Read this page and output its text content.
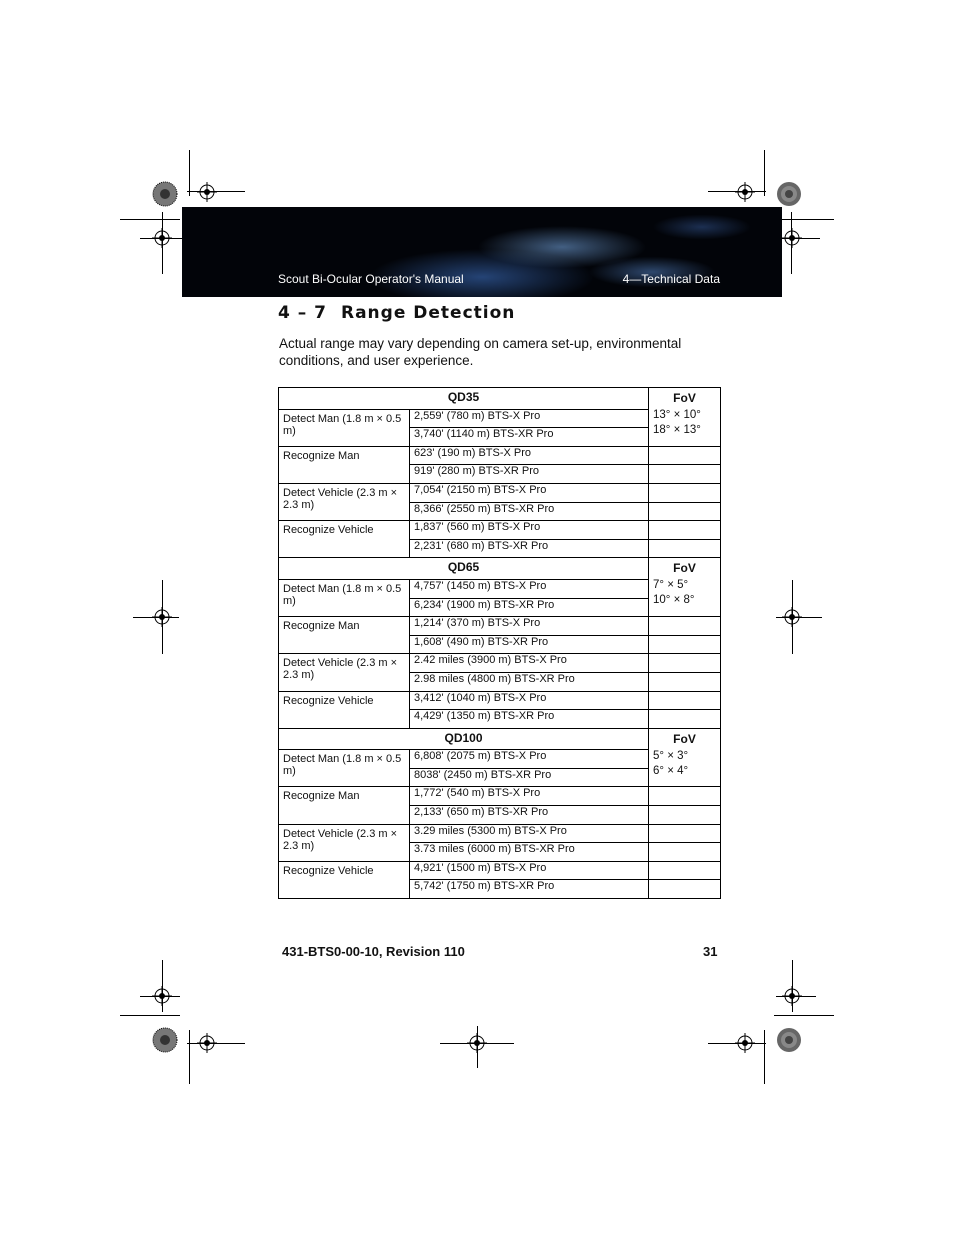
Scout Bi-Ocular Operator's Manual	4—Technical Data
4 – 7 Range Detection

Actual range may vary depending on camera set-up, environmental conditions, and user experience.

QD35		FoV
13° × 10°
18° × 13°

Detect Man (1.8 m × 0.5 m)	2,559' (780 m) BTS-X Pro	
	3,740' (1140 m) BTS-XR Pro	
Recognize Man	623' (190 m) BTS-X Pro	
	919' (280 m) BTS-XR Pro	
Detect Vehicle (2.3 m × 2.3 m)	7,054' (2150 m) BTS-X Pro	
	8,366' (2550 m) BTS-XR Pro	
Recognize Vehicle	1,837' (560 m) BTS-X Pro	
	2,231' (680 m) BTS-XR Pro	
QD65		FoV
7° × 5°
10° × 8°

Detect Man (1.8 m × 0.5 m)	4,757' (1450 m) BTS-X Pro	
	6,234' (1900 m) BTS-XR Pro	
Recognize Man	1,214' (370 m) BTS-X Pro	
	1,608' (490 m) BTS-XR Pro	
Detect Vehicle (2.3 m × 2.3 m)	2.42 miles (3900 m) BTS-X Pro	
	2.98 miles (4800 m) BTS-XR Pro	
Recognize Vehicle	3,412' (1040 m) BTS-X Pro	
	4,429' (1350 m) BTS-XR Pro	
QD100		FoV
5° × 3°
6° × 4°

Detect Man (1.8 m × 0.5 m)	6,808' (2075 m) BTS-X Pro	
	8038' (2450 m) BTS-XR Pro	
Recognize Man	1,772' (540 m) BTS-X Pro	
	2,133' (650 m) BTS-XR Pro	
Detect Vehicle (2.3 m × 2.3 m)	3.29 miles (5300 m) BTS-X Pro	
	3.73 miles (6000 m) BTS-XR Pro	
Recognize Vehicle	4,921' (1500 m) BTS-X Pro	
	5,742' (1750 m) BTS-XR Pro	
431-BTS0-00-10, Revision 110	31
